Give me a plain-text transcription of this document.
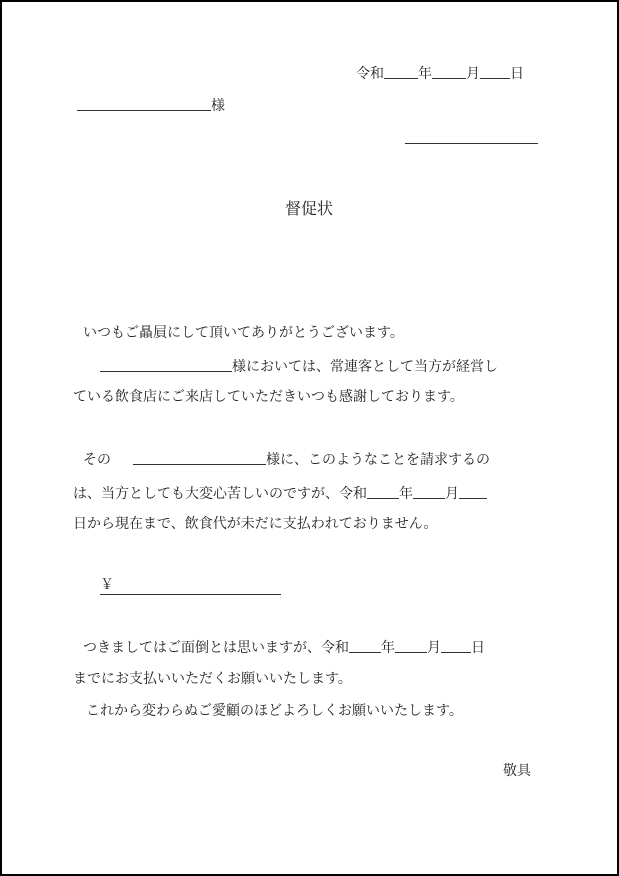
令和 年 月 日
様
督促状
いつもご贔屓にして頂いてありがとうございます。
様においては、常連客として当方が経営し
ている飲食店にご来店していただきいつも感謝しております。
その	様に、このようなことを請求するの
は、当方としても大変心苦しいのですが、令和 年 月
日から現在まで、飲食代が未だに支払われておりません。
￥
つきましてはご面倒とは思いますが、令和 年 月 日
までにお支払いいただくお願いいたします。
これから変わらぬご愛顧のほどよろしくお願いいたします。
敬具
